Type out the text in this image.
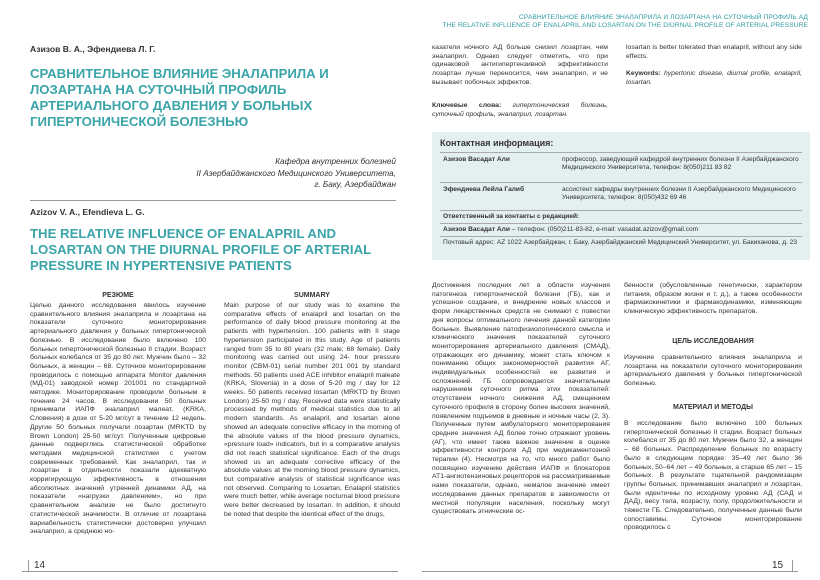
Азизов В. А., Эфендиева Л. Г.
СРАВНИТЕЛЬНОЕ ВЛИЯНИЕ ЭНАЛАПРИЛА И ЛОЗАРТАНА НА СУТОЧНЫЙ ПРОФИЛЬ АРТЕРИАЛЬНОГО ДАВЛЕНИЯ У БОЛЬНЫХ ГИПЕРТОНИЧЕСКОЙ БОЛЕЗНЬЮ
Кафедра внутренних болезней
II Азербайджанского Медицинского Университета,
г. Баку, Азербайджан
Azizov V. A., Efendieva L. G.
THE RELATIVE INFLUENCE OF ENALAPRIL AND LOSARTAN ON THE DIURNAL PROFILE OF ARTERIAL PRESSURE IN HYPERTENSIVE PATIENTS
РЕЗЮМЕ
Целью данного исследования явилось изучение сравнительного влияния эналаприла и лозартана на показатели суточного мониторирования артериального давления у больных гипертонической болезнью. В исследование было включено 100 больных гипертонической болезнью II стадии. Возраст больных колебался от 35 до 80 лет. Мужчин было – 32 больных, а женщин – 68. Суточное мониторирование проводилось с помощью аппарата Monitor давления (МД-01) заводской номер 201001 по стандартной методике. Мониторирование проводили больным в течение 24 часов. В исследовании 50 больных принимали ИАПФ эналаприл малеат, (KRKA, Словения) в дозе от 5-20 мг/сут в течение 12 недель. Другие 50 больных получали лозартан (MRKTD by Brown London) 25-50 мг/сут. Полученные цифровые данные подверглись статистической обработке методами медицинской статистики с учетом современных требований. Как эналаприл, так и лозартан в отдельности показали адекватную корригирующую эффективность в отношении абсолютных значений утренней динамики АД, на показатели «нагрузки давлением», но при сравнительном анализе не было достигнуто статистической значимости. В отличие от лозартана вариабельность статистически достоверно улучшил эналаприл, а среднюю но-
SUMMARY
Main purpose of our study was to examine the comparative effects of enalapril and losartan on the performance of daily blood pressure monitoring at the patients with hypertension. 100 patients with II stage hypertension participated in this study. Age of patients ranged from 35 to 80 years (32 male; 68 female). Daily monitoring was carried out using 24- hour pressure monitor (CBM-01) serial number 201 001 by standard methods. 50 patients used ACE inhibitor enalapril maleate (KRKA, Slovenia) in a dose of 5-20 mg / day for 12 weeks. 50 patients received losartan (MRKTD by Brown London) 25-50 mg / day. Received data were statistically processed by methods of medical statistics due to all modern standards. As enalapril, and losartan alone showed an adequate corrective efficacy in the morning of the absolute values of the blood pressure dynamics, «pressure load» indicators, but in a comparative analysis did not reach statistical significance. Each of the drugs showed us an adequate corrective efficacy of the absolute values at the morning blood pressure dynamics, but comparative analysis of statistical significance was not observed. Comparing to Losartan, Enalapril statistics were much better, while average nocturnal blood pressure were better decreased by losartan. In addition, it should be noted that despite the identical effect of the drugs,
14
СРАВНИТЕЛЬНОЕ ВЛИЯНИЕ ЭНАЛАПРИЛА И ЛОЗАРТАНА НА СУТОЧНЫЙ ПРОФИЛЬ АД
THE RELATIVE INFLUENCE OF ENALAPRIL AND LOSARTAN ON THE DIURNAL PROFILE OF ARTERIAL PRESSURE
казатели ночного АД больше снизил лозартан, чем эналаприл. Однако следует отметить, что при одинаковой антигипертензивной эффективности лозартан лучше переносится, чем эналаприл, и не вызывает побочных эффектов.
Ключевые слова: гипертоническая болезнь, суточный профиль, эналаприл, лозартан.
losartan is better tolerated than enalapril, without any side effects.
Keywords: hypertonic disease, diurnal profile, enalapril, losartan.
Контактная информация:
Азизов Васадат Али	профессор, заведующий кафедрой внутренних болезни II Азербайджанского Медицинского Университета, телефон: 8(050)211 83 82
Эфендиева Лейла Галиб	ассистент кафедры внутренних болезни II Азербайджанского Медицинского Университета, телефон: 8(050)432 69 46
Ответственный за контакты с редакцией:
Азизов Васадат Али – телефон: (050)211-83-82, e-mail: vasadat.azizov@gmail.com
Почтовый адрес: AZ 1022 Азербайджан, г. Баку, Азербайджанский Медицинский Университет, ул. Бакиханова, д. 23
Достижения последних лет в области изучения патогенеза гипертонической болезни (ГБ), как и успешное создание, и внедрение новых классов и форм лекарственных средств не снимают с повестки дня вопросы оптимального лечения данной категории больных. Выявление патофизиологического смысла и клинического значения показателей суточного мониторирования артериального давления (СМАД), отражающих его динамику, может стать ключом к пониманию общих закономерностей развития АГ, индивидуальных особенностей ее развития и осложнений. ГБ сопровождается значительным нарушением суточного ритма этих показателей: отсутствием ночного снижения АД, смещением суточного профиля в сторону более высоких значений, появлением подъемов в дневные и ночные часы (2, 3). Полученные путем амбулаторного мониторирования средние значения АД более точно отражают уровень (АГ), что имеет также важное значение в оценке эффективности контроля АД при медикаментозной терапии (4). Несмотря на то, что много работ было посвящено изучению действия ИАПФ и блокаторов АТ1-ангиотензиновых рецепторов на рассматриваемые нами показатели, однако, немалое значение имеет исследование данных препаратов в зависимости от местной популяции населения, поскольку могут существовать этнические ос-
бенности (обусловленные генетически, характером питания, образом жизни и т. д.), а также особенности фармакокинетики и фармакодинамики, изменяющие клиническую эффективность препаратов.
ЦЕЛЬ ИССЛЕДОВАНИЯ
Изучение сравнительного влияния эналаприла и лозартана на показатели суточного мониторирования артериального давления у больных гипертонической болезнью.
МАТЕРИАЛ И МЕТОДЫ
В исследование было включено 100 больных гипертонической болезнью II стадии. Возраст больных колебался от 35 до 80 лет. Мужчин было 32, а женщин – 68 больных. Распределение больных по возрасту было в следующем порядке: 35–49 лет было 36 больных, 50–64 лет – 49 больных, а старше 65 лет – 15 больных. В результате тщательной рандомизации группы больных, принимавших эналаприл и лозартан, были идентичны по исходному уровню АД (САД и ДАД), весу тела, возрасту, полу, продолжительности и тяжести ГБ. Следовательно, полученные данные были сопоставимы. Суточное мониторирование проводилось с
15
